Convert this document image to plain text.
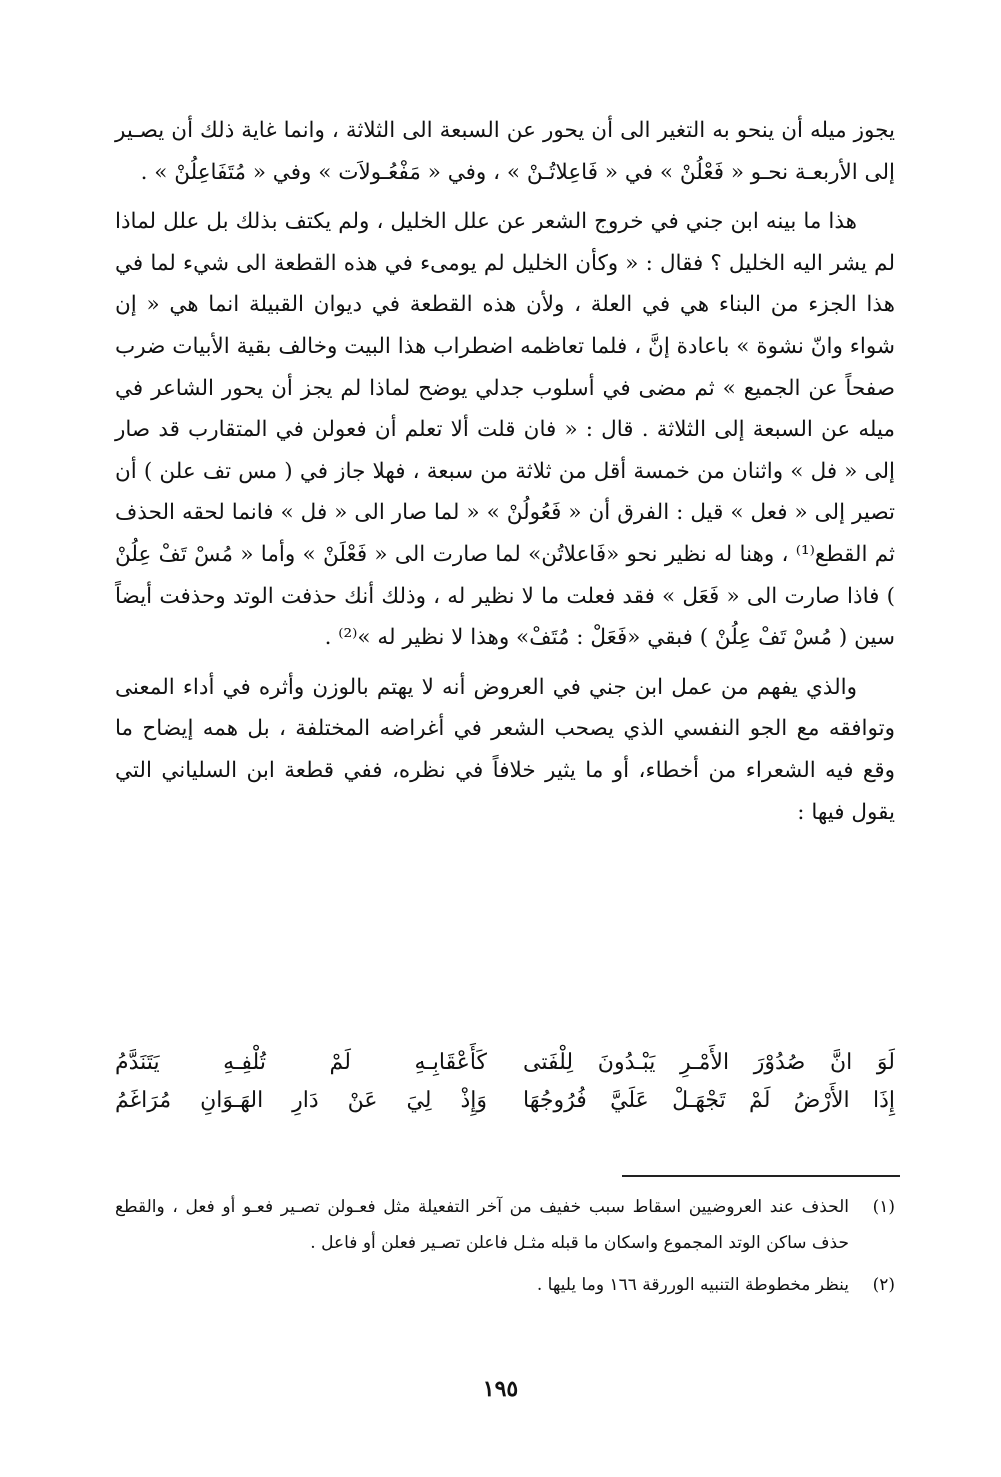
يجوز ميله أن ينحو به التغير الى أن يحور عن السبعة الى الثلاثة ، وانما غاية ذلك أن يصـير إلى الأربعـة نحـو « فَعْلُنْ » في « فَاعِلاتُـنْ » ، وفي « مَفْعُـولاَت » وفي « مُتَفَاعِلُنْ » .

هذا ما بينه ابن جني في خروج الشعر عن علل الخليل ، ولم يكتف بذلك بل علل لماذا لم يشر اليه الخليل ؟ فقال : « وكأن الخليل لم يومىء في هذه القطعة الى شيء لما في هذا الجزء من البناء هي في العلة ، ولأن هذه القطعة في ديوان القبيلة انما هي « إن شواء وانّ نشوة » باعادة إنَّ ، فلما تعاظمه اضطراب هذا البيت وخالف بقية الأبيات ضرب صفحاً عن الجميع » ثم مضى في أسلوب جدلي يوضح لماذا لم يجز أن يحور الشاعر في ميله عن السبعة إلى الثلاثة . قال : « فان قلت ألا تعلم أن فعولن في المتقارب قد صار إلى « فل » واثنان من خمسة أقل من ثلاثة من سبعة ، فهلا جاز في ( مس تف علن ) أن تصير إلى « فعل » قيل : الفرق أن « فَعُولُنْ » « لما صار الى « فل » فانما لحقه الحذف ثم القطع⁽¹⁾ ، وهنا له نظير نحو «فَاعلاتُن» لما صارت الى « فَعْلَنْ » وأما « مُسْ تَفْ عِلُنْ ) فاذا صارت الى « فَعَل » فقد فعلت ما لا نظير له ، وذلك أنك حذفت الوتد وحذفت أيضاً سين ( مُسْ تَفْ عِلُنْ ) فبقي «فَعَلْ : مُتَفْ» وهذا لا نظير له »⁽²⁾ .

والذي يفهم من عمل ابن جني في العروض أنه لا يهتم بالوزن وأثره في أداء المعنى وتوافقه مع الجو النفسي الذي يصحب الشعر في أغراضه المختلفة ، بل همه إيضاح ما وقع فيه الشعراء من أخطاء، أو ما يثير خلافاً في نظره، ففي قطعة ابن السلياني التي يقول فيها :

لَوَ انَّ صُدُوْرَ الأَمْـرِ يَبْـدُونَ لِلْفَتى
كَأَعْقَابِـهِ لَمْ تُلْفِـهِ يَتَنَدَّمُ
إِذَا الأَرْضُ لَمْ تَجْهَـلْ عَلَيَّ فُرُوجُهَا
وَإِذْ لِيَ عَنْ دَارِ الهَـوَانِ مُرَاغَمُ
(١)
الحذف عند العروضيين اسقاط سبب خفيف من آخر التفعيلة مثل فعـولن تصـير فعـو أو فعل ، والقطع حذف ساكن الوتد المجموع واسكان ما قبله مثـل فاعلن تصـير فعلن أو فاعل .
(٢)
ينظر مخطوطة التنبيه الوررقة ١٦٦ وما يليها .
١٩٥
